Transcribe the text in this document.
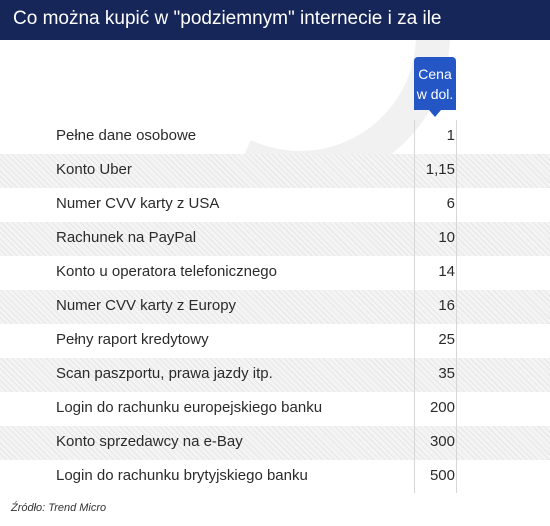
Co można kupić w "podziemnym" internecie i za ile
Pełne dane osobowe	1
Konto Uber	1,15
Numer CVV karty z USA	6
Rachunek na PayPal	10
Konto u operatora telefonicznego	14
Numer CVV karty z Europy	16
Pełny raport kredytowy	25
Scan paszportu, prawa jazdy itp.	35
Login do rachunku europejskiego banku	200
Konto sprzedawcy na e-Bay	300
Login do rachunku brytyjskiego banku	500
Cena
w dol.
Źródło: Trend Micro
